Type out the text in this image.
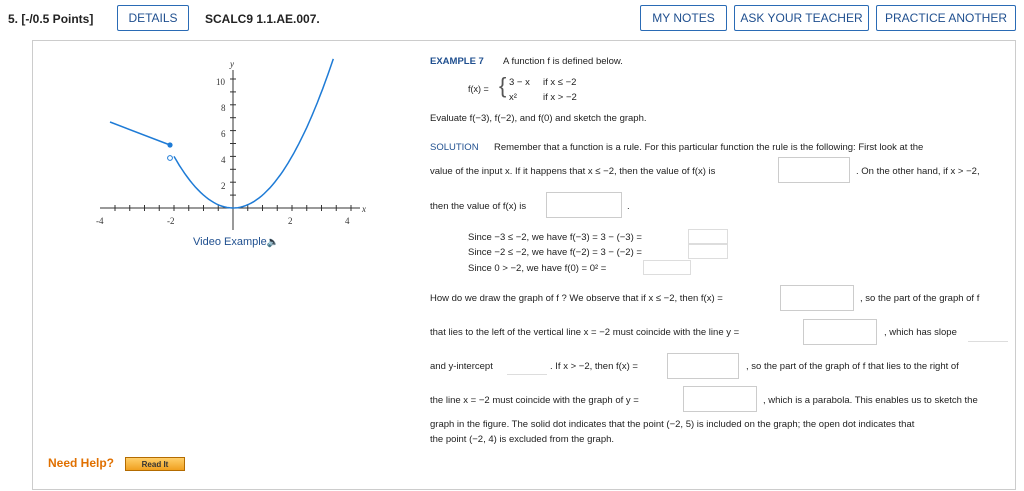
5. [-/0.5 Points]	DETAILS	SCALC9 1.1.AE.007.	MY NOTES	ASK YOUR TEACHER	PRACTICE ANOTHER
-4	-2	2	4
2
4
6
8
10
x
y
Video Example🔈
Need Help?	Read It
EXAMPLE 7 A function f is defined below.
f(x) = { 3 − x if x ≤ −2
x²	if x > −2
Evaluate f(−3), f(−2), and f(0) and sketch the graph.
SOLUTION Remember that a function is a rule. For this particular function the rule is the following: First look at the
value of the input x. If it happens that x ≤ −2, then the value of f(x) is	. On the other hand, if x > −2,
then the value of f(x) is	.
Since −3 ≤ −2, we have f(−3) = 3 − (−3) =
Since −2 ≤ −2, we have f(−2) = 3 − (−2) =
Since 0 > −2, we have f(0) = 0² =
How do we draw the graph of f ? We observe that if x ≤ −2, then f(x) =	, so the part of the graph of f
that lies to the left of the vertical line x = −2 must coincide with the line y =	, which has slope
and y-intercept	. If x > −2, then f(x) =	, so the part of the graph of f that lies to the right of
the line x = −2 must coincide with the graph of y =	, which is a parabola. This enables us to sketch the
graph in the figure. The solid dot indicates that the point (−2, 5) is included on the graph; the open dot indicates that
the point (−2, 4) is excluded from the graph.
